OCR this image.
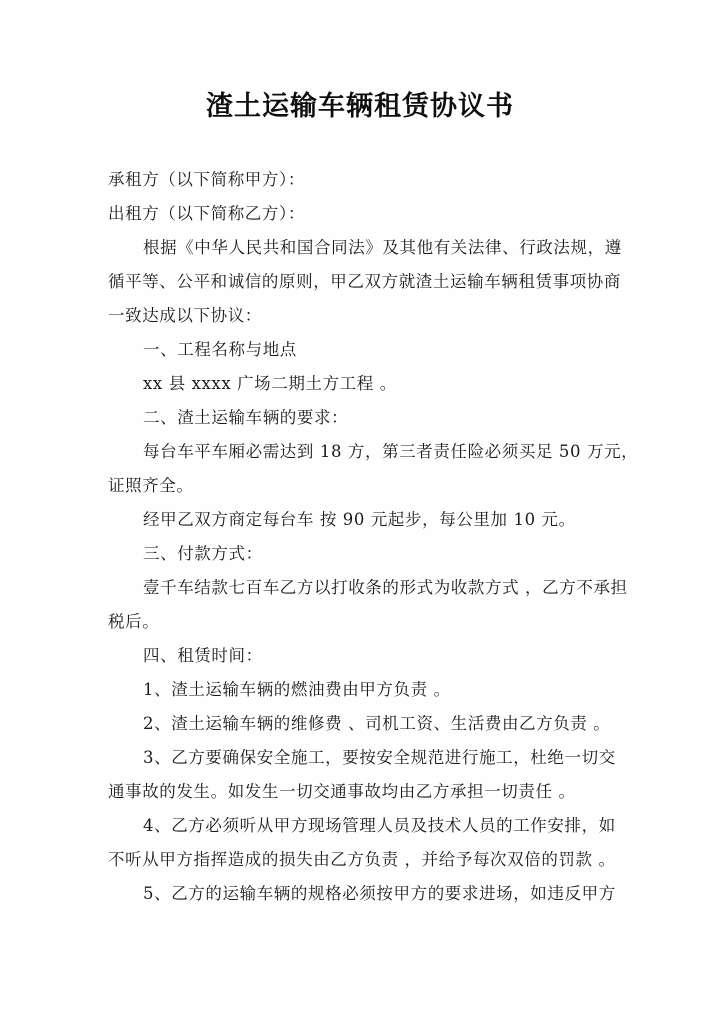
渣土运输车辆租赁协议书
承租方（以下简称甲方）：
出租方（以下简称乙方）：
根据《中华人民共和国合同法》及其他有关法律、行政法规，遵
循平等、公平和诚信的原则，甲乙双方就渣土运输车辆租赁事项协商
一致达成以下协议：
一、工程名称与地点
xx 县 xxxx 广场二期土方工程 。
二、渣土运输车辆的要求：
每台车平车厢必需达到 18 方，第三者责任险必须买足 50 万元，
证照齐全。
经甲乙双方商定每台车 按 90 元起步，每公里加 10 元。
三、付款方式：
壹千车结款七百车乙方以打收条的形式为收款方式 ，乙方不承担
税后。
四、租赁时间：
1、渣土运输车辆的燃油费由甲方负责 。
2、渣土运输车辆的维修费 、司机工资、生活费由乙方负责 。
3、乙方要确保安全施工，要按安全规范进行施工，杜绝一切交
通事故的发生。如发生一切交通事故均由乙方承担一切责任 。
4、乙方必须听从甲方现场管理人员及技术人员的工作安排，如
不听从甲方指挥造成的损失由乙方负责 ，并给予每次双倍的罚款 。
5、乙方的运输车辆的规格必须按甲方的要求进场，如违反甲方
